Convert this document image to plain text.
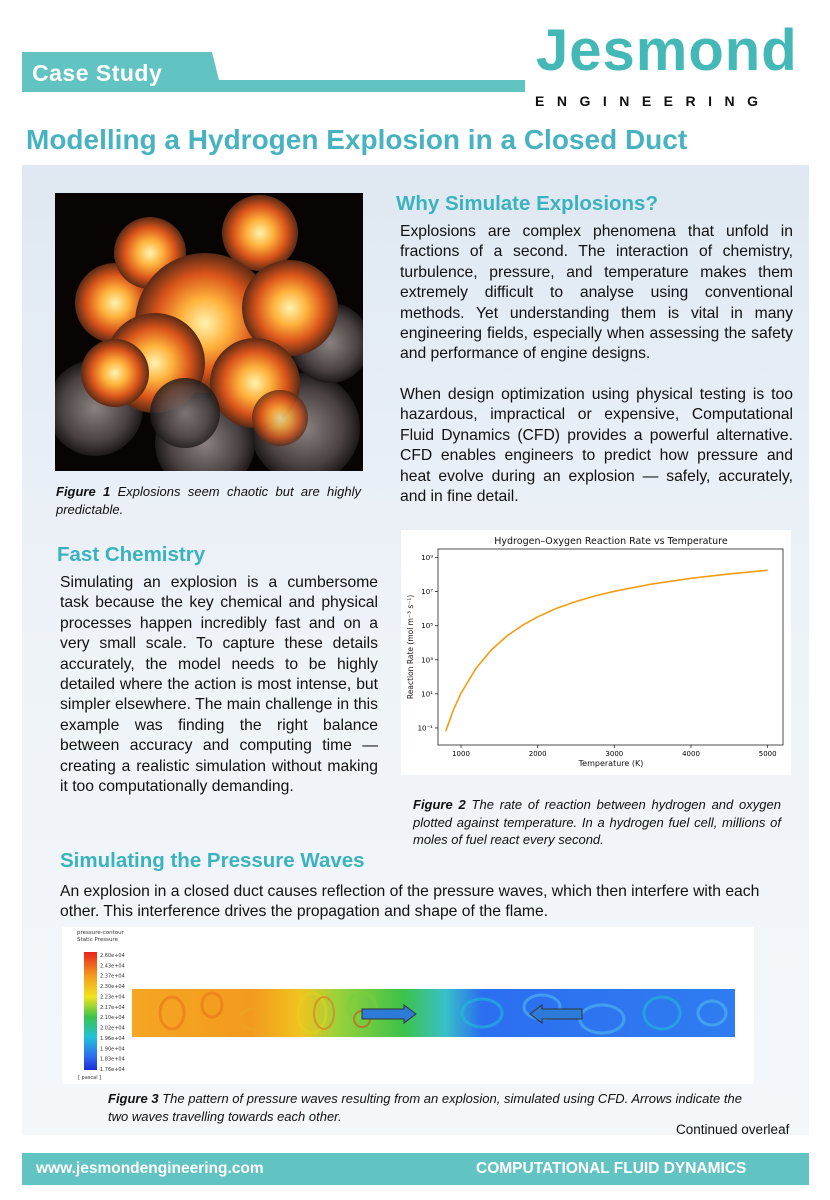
Case Study	Jesmond
ENGINEERING
Modelling a Hydrogen Explosion in a Closed Duct

Figure 1 Explosions seem chaotic but are highly predictable.

Why Simulate Explosions?

Explosions are complex phenomena that unfold in fractions of a second. The interaction of chemistry, turbulence, pressure, and temperature makes them extremely difficult to analyse using conventional methods. Yet understanding them is vital in many engineering fields, especially when assessing the safety and performance of engine designs.

When design optimization using physical testing is too hazardous, impractical or expensive, Computational Fluid Dynamics (CFD) provides a powerful alternative. CFD enables engineers to predict how pressure and heat evolve during an explosion — safely, accurately, and in fine detail.

Fast Chemistry

Simulating an explosion is a cumbersome task because the key chemical and physical processes happen incredibly fast and on a very small scale. To capture these details accurately, the model needs to be highly detailed where the action is most intense, but simpler elsewhere. The main challenge in this example was finding the right balance between accuracy and computing time — creating a realistic simulation without making it too computationally demanding.

Hydrogen–Oxygen Reaction Rate vs Temperature
1000	2000	3000	4000	5000
10⁻¹
10¹
10³
10⁵
10⁷
10⁹
Temperature (K)
Reaction Rate (mol m⁻³ s⁻¹)

Figure 2 The rate of reaction between hydrogen and oxygen plotted against temperature. In a hydrogen fuel cell, millions of moles of fuel react every second.

Simulating the Pressure Waves

An explosion in a closed duct causes reflection of the pressure waves, which then interfere with each other. This interference drives the propagation and shape of the flame.

pressure-contour
Static Pressure
2.60e+04
2.43e+04
2.37e+04
2.30e+04
2.23e+04
2.17e+04
2.10e+04
2.02e+04
1.96e+04
1.90e+04
1.83e+04
1.76e+04
[ pascal ]

Figure 3 The pattern of pressure waves resulting from an explosion, simulated using CFD. Arrows indicate the two waves travelling towards each other.

Continued overleaf
www.jesmondengineering.com	COMPUTATIONAL FLUID DYNAMICS
